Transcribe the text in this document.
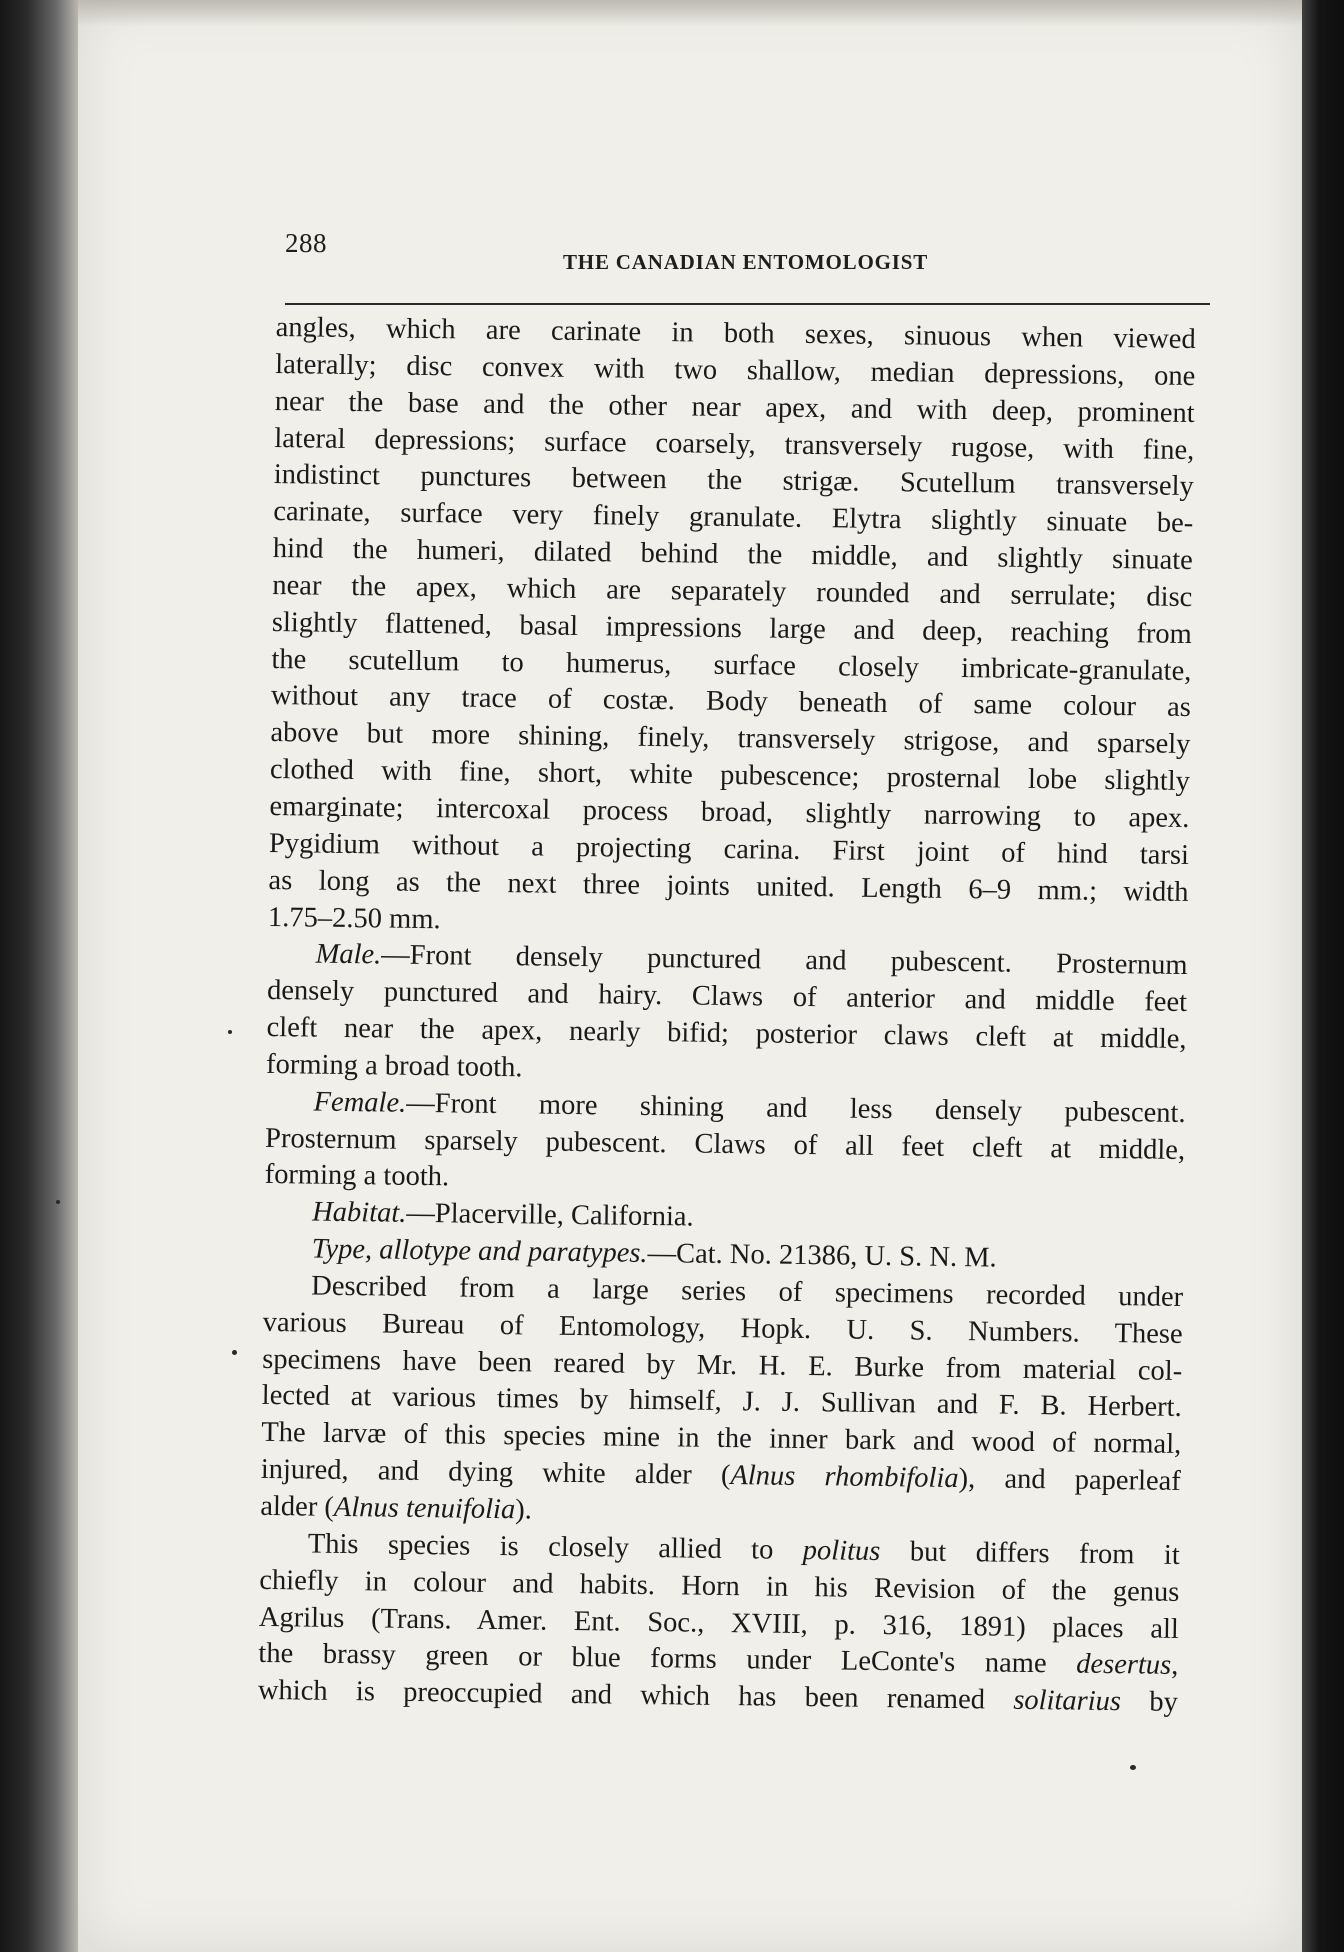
288
THE CANADIAN ENTOMOLOGIST
angles, which are carinate in both sexes, sinuous when viewed
laterally; disc convex with two shallow, median depressions, one
near the base and the other near apex, and with deep, prominent
lateral depressions; surface coarsely, transversely rugose, with fine,
indistinct punctures between the strigæ. Scutellum transversely
carinate, surface very finely granulate. Elytra slightly sinuate be-
hind the humeri, dilated behind the middle, and slightly sinuate
near the apex, which are separately rounded and serrulate; disc
slightly flattened, basal impressions large and deep, reaching from
the scutellum to humerus, surface closely imbricate-granulate,
without any trace of costæ. Body beneath of same colour as
above but more shining, finely, transversely strigose, and sparsely
clothed with fine, short, white pubescence; prosternal lobe slightly
emarginate; intercoxal process broad, slightly narrowing to apex.
Pygidium without a projecting carina. First joint of hind tarsi
as long as the next three joints united. Length 6–9 mm.; width
1.75–2.50 mm.
Male.—Front densely punctured and pubescent. Prosternum
densely punctured and hairy. Claws of anterior and middle feet
cleft near the apex, nearly bifid; posterior claws cleft at middle,
forming a broad tooth.
Female.—Front more shining and less densely pubescent.
Prosternum sparsely pubescent. Claws of all feet cleft at middle,
forming a tooth.
Habitat.—Placerville, California.
Type, allotype and paratypes.—Cat. No. 21386, U. S. N. M.
Described from a large series of specimens recorded under
various Bureau of Entomology, Hopk. U. S. Numbers. These
specimens have been reared by Mr. H. E. Burke from material col-
lected at various times by himself, J. J. Sullivan and F. B. Herbert.
The larvæ of this species mine in the inner bark and wood of normal,
injured, and dying white alder (Alnus rhombifolia), and paperleaf
alder (Alnus tenuifolia).
This species is closely allied to politus but differs from it
chiefly in colour and habits. Horn in his Revision of the genus
Agrilus (Trans. Amer. Ent. Soc., XVIII, p. 316, 1891) places all
the brassy green or blue forms under LeConte's name desertus,
which is preoccupied and which has been renamed solitarius by
